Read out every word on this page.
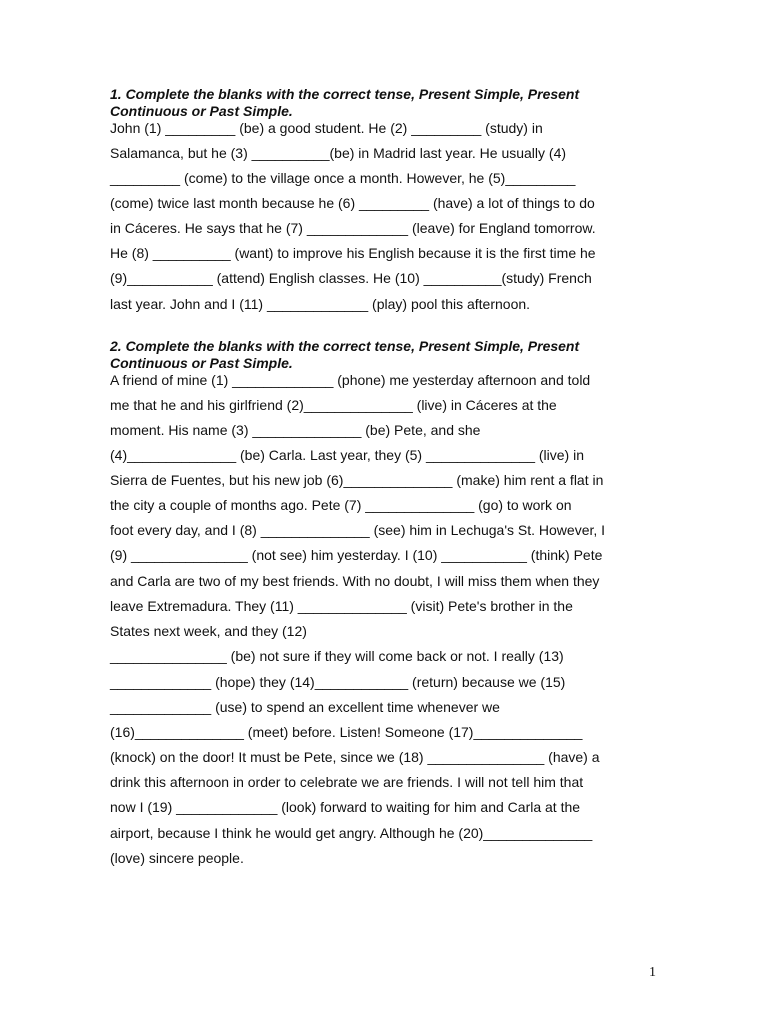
1. Complete the blanks with the correct tense, Present Simple, Present
Continuous or Past Simple.
John (1) _________ (be) a good student. He (2) _________ (study) in
Salamanca, but he (3) __________(be) in Madrid last year. He usually (4)
_________ (come) to the village once a month. However, he (5)_________
(come) twice last month because he (6) _________ (have) a lot of things to do
in Cáceres. He says that he (7) _____________ (leave) for England tomorrow.
He (8) __________ (want) to improve his English because it is the first time he
(9)___________ (attend) English classes. He (10) __________(study) French
last year. John and I (11) _____________ (play) pool this afternoon.
2. Complete the blanks with the correct tense, Present Simple, Present
Continuous or Past Simple.
A friend of mine (1) _____________ (phone) me yesterday afternoon and told
me that he and his girlfriend (2)______________ (live) in Cáceres at the
moment. His name (3) ______________ (be) Pete, and she
(4)______________ (be) Carla. Last year, they (5) ______________ (live) in
Sierra de Fuentes, but his new job (6)______________ (make) him rent a flat in
the city a couple of months ago. Pete (7) ______________ (go) to work on
foot every day, and I (8) ______________ (see) him in Lechuga's St. However, I
(9) _______________ (not see) him yesterday. I (10) ___________ (think) Pete
and Carla are two of my best friends. With no doubt, I will miss them when they
leave Extremadura. They (11) ______________ (visit) Pete's brother in the
States next week, and they (12)
_______________ (be) not sure if they will come back or not. I really (13)
_____________ (hope) they (14)____________ (return) because we (15)
_____________ (use) to spend an excellent time whenever we
(16)______________ (meet) before. Listen! Someone (17)______________
(knock) on the door! It must be Pete, since we (18) _______________ (have) a
drink this afternoon in order to celebrate we are friends. I will not tell him that
now I (19) _____________ (look) forward to waiting for him and Carla at the
airport, because I think he would get angry. Although he (20)______________
(love) sincere people.
1
